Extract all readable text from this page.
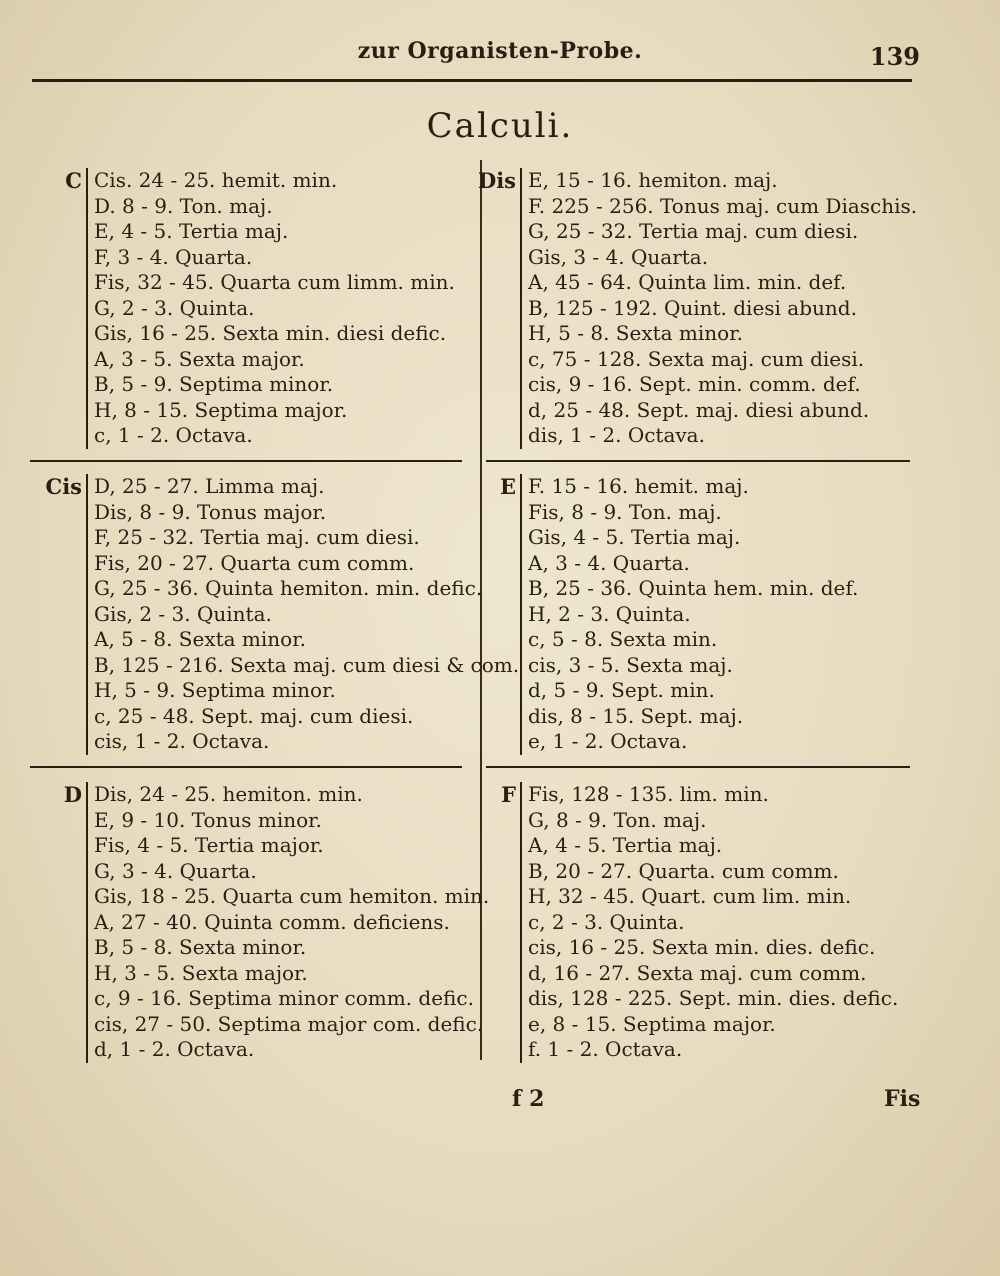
zur Organisten-Probe.	139
Calculi.
C Cis. 24 - 25. hemit. min.
D. 8 - 9. Ton. maj.
E, 4 - 5. Tertia maj.
F, 3 - 4. Quarta.
Fis, 32 - 45. Quarta cum limm. min.
G, 2 - 3. Quinta.
Gis, 16 - 25. Sexta min. diesi defic.
A, 3 - 5. Sexta major.
B, 5 - 9. Septima minor.
H, 8 - 15. Septima major.
c, 1 - 2. Octava.
Cis D, 25 - 27. Limma maj.
Dis, 8 - 9. Tonus major.
F, 25 - 32. Tertia maj. cum diesi.
Fis, 20 - 27. Quarta cum comm.
G, 25 - 36. Quinta hemiton. min. defic.
Gis, 2 - 3. Quinta.
A, 5 - 8. Sexta minor.
B, 125 - 216. Sexta maj. cum diesi & com.
H, 5 - 9. Septima minor.
c, 25 - 48. Sept. maj. cum diesi.
cis, 1 - 2. Octava.
D Dis, 24 - 25. hemiton. min.
E, 9 - 10. Tonus minor.
Fis, 4 - 5. Tertia major.
G, 3 - 4. Quarta.
Gis, 18 - 25. Quarta cum hemiton. min.
A, 27 - 40. Quinta comm. deficiens.
B, 5 - 8. Sexta minor.
H, 3 - 5. Sexta major.
c, 9 - 16. Septima minor comm. defic.
cis, 27 - 50. Septima major com. defic.
d, 1 - 2. Octava.
Dis E, 15 - 16. hemiton. maj.
F. 225 - 256. Tonus maj. cum Diaschis.
G, 25 - 32. Tertia maj. cum diesi.
Gis, 3 - 4. Quarta.
A, 45 - 64. Quinta lim. min. def.
B, 125 - 192. Quint. diesi abund.
H, 5 - 8. Sexta minor.
c, 75 - 128. Sexta maj. cum diesi.
cis, 9 - 16. Sept. min. comm. def.
d, 25 - 48. Sept. maj. diesi abund.
dis, 1 - 2. Octava.
E F. 15 - 16. hemit. maj.
Fis, 8 - 9. Ton. maj.
Gis, 4 - 5. Tertia maj.
A, 3 - 4. Quarta.
B, 25 - 36. Quinta hem. min. def.
H, 2 - 3. Quinta.
c, 5 - 8. Sexta min.
cis, 3 - 5. Sexta maj.
d, 5 - 9. Sept. min.
dis, 8 - 15. Sept. maj.
e, 1 - 2. Octava.
F Fis, 128 - 135. lim. min.
G, 8 - 9. Ton. maj.
A, 4 - 5. Tertia maj.
B, 20 - 27. Quarta. cum comm.
H, 32 - 45. Quart. cum lim. min.
c, 2 - 3. Quinta.
cis, 16 - 25. Sexta min. dies. defic.
d, 16 - 27. Sexta maj. cum comm.
dis, 128 - 225. Sept. min. dies. defic.
e, 8 - 15. Septima major.
f. 1 - 2. Octava.
f 2	Fis
